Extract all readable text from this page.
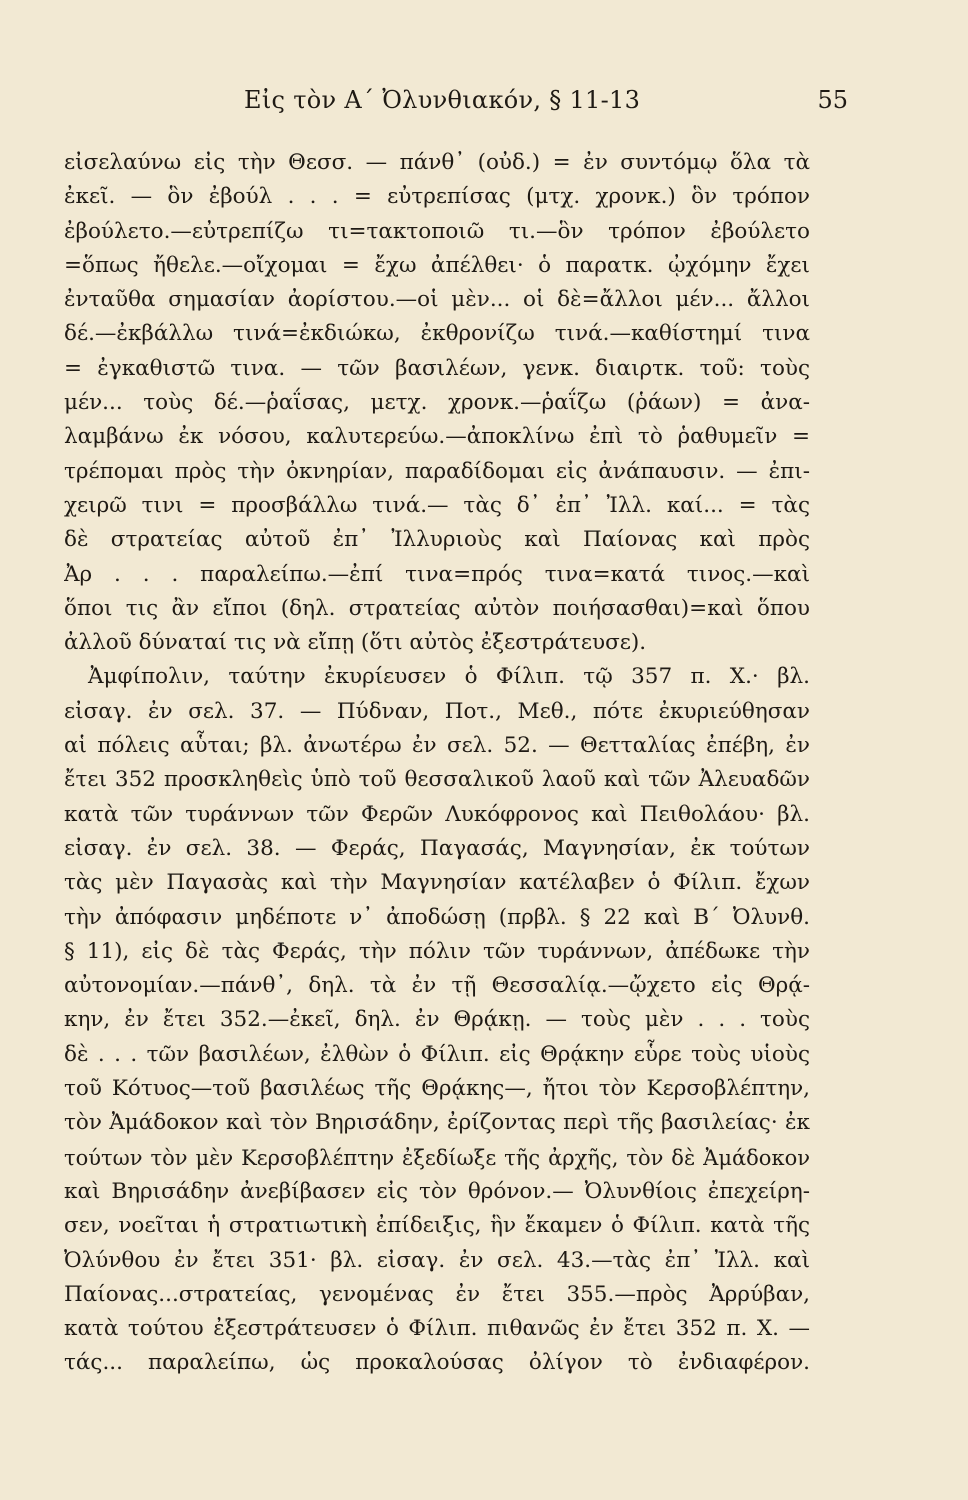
Εἰς τὸν Α΄ Ὀλυνθιακόν, § 11-13	55
εἰσελαύνω εἰς τὴν Θεσσ. — πάνθ᾽ (οὐδ.) = ἐν συντόμῳ ὅλα τὰ
ἐκεῖ. — ὃν ἐβούλ . . . = εὐτρεπίσας (μτχ. χρονκ.) ὃν τρόπον
ἐβούλετο.—εὐτρεπίζω τι=τακτοποιῶ τι.—ὃν τρόπον ἐβούλετο
=ὅπως ἤθελε.—οἴχομαι = ἔχω ἀπέλθει· ὁ παρατκ. ᾠχόμην ἔχει
ἐνταῦθα σημασίαν ἀορίστου.—οἱ μὲν... οἱ δὲ=ἄλλοι μέν... ἄλλοι
δέ.—ἐκβάλλω τινά=ἐκδιώκω, ἐκθρονίζω τινά.—καθίστημί τινα
= ἐγκαθιστῶ τινα. — τῶν βασιλέων, γενκ. διαιρτκ. τοῦ: τοὺς
μέν... τοὺς δέ.—ῥαΐσας, μετχ. χρονκ.—ῥαΐζω (ῥάων) = ἀνα-
λαμβάνω ἐκ νόσου, καλυτερεύω.—ἀποκλίνω ἐπὶ τὸ ῥαθυμεῖν =
τρέπομαι πρὸς τὴν ὀκνηρίαν, παραδίδομαι εἰς ἀνάπαυσιν. — ἐπι-
χειρῶ τινι = προσβάλλω τινά.— τὰς δ᾽ ἐπ᾽ Ἰλλ. καί... = τὰς
δὲ στρατείας αὐτοῦ ἐπ᾽ Ἰλλυριοὺς καὶ Παίονας καὶ πρὸς
Ἀρ . . . παραλείπω.—ἐπί τινα=πρός τινα=κατά τινος.—καὶ
ὅποι τις ἂν εἴποι (δηλ. στρατείας αὐτὸν ποιήσασθαι)=καὶ ὅπου
ἀλλοῦ δύναταί τις νὰ εἴπῃ (ὅτι αὐτὸς ἐξεστράτευσε).
Ἀμφίπολιν, ταύτην ἐκυρίευσεν ὁ Φίλιπ. τῷ 357 π. Χ.· βλ.
εἰσαγ. ἐν σελ. 37. — Πύδναν, Ποτ., Μεθ., πότε ἐκυριεύθησαν
αἱ πόλεις αὗται; βλ. ἀνωτέρω ἐν σελ. 52. — Θετταλίας ἐπέβη, ἐν
ἔτει 352 προσκληθεὶς ὑπὸ τοῦ θεσσαλικοῦ λαοῦ καὶ τῶν Ἀλευαδῶν
κατὰ τῶν τυράννων τῶν Φερῶν Λυκόφρονος καὶ Πειθολάου· βλ.
εἰσαγ. ἐν σελ. 38. — Φεράς, Παγασάς, Μαγνησίαν, ἐκ τούτων
τὰς μὲν Παγασὰς καὶ τὴν Μαγνησίαν κατέλαβεν ὁ Φίλιπ. ἔχων
τὴν ἀπόφασιν μηδέποτε ν᾽ ἀποδώσῃ (πρβλ. § 22 καὶ Β΄ Ὀλυνθ.
§ 11), εἰς δὲ τὰς Φεράς, τὴν πόλιν τῶν τυράννων, ἀπέδωκε τὴν
αὐτονομίαν.—πάνθ᾽, δηλ. τὰ ἐν τῇ Θεσσαλίᾳ.—ᾤχετο εἰς Θρᾴ-
κην, ἐν ἔτει 352.—ἐκεῖ, δηλ. ἐν Θρᾴκῃ. — τοὺς μὲν . . . τοὺς
δὲ . . . τῶν βασιλέων, ἐλθὼν ὁ Φίλιπ. εἰς Θρᾴκην εὗρε τοὺς υἱοὺς
τοῦ Κότυος—τοῦ βασιλέως τῆς Θρᾴκης—, ἤτοι τὸν Κερσοβλέπτην,
τὸν Ἀμάδοκον καὶ τὸν Βηρισάδην, ἐρίζοντας περὶ τῆς βασιλείας· ἐκ
τούτων τὸν μὲν Κερσοβλέπτην ἐξεδίωξε τῆς ἀρχῆς, τὸν δὲ Ἀμάδοκον
καὶ Βηρισάδην ἀνεβίβασεν εἰς τὸν θρόνον.— Ὀλυνθίοις ἐπεχείρη-
σεν, νοεῖται ἡ στρατιωτικὴ ἐπίδειξις, ἣν ἔκαμεν ὁ Φίλιπ. κατὰ τῆς
Ὀλύνθου ἐν ἔτει 351· βλ. εἰσαγ. ἐν σελ. 43.—τὰς ἐπ᾽ Ἰλλ. καὶ
Παίονας...στρατείας, γενομένας ἐν ἔτει 355.—πρὸς Ἀρρύβαν,
κατὰ τούτου ἐξεστράτευσεν ὁ Φίλιπ. πιθανῶς ἐν ἔτει 352 π. Χ. —
τάς... παραλείπω, ὡς προκαλούσας ὀλίγον τὸ ἐνδιαφέρον.
